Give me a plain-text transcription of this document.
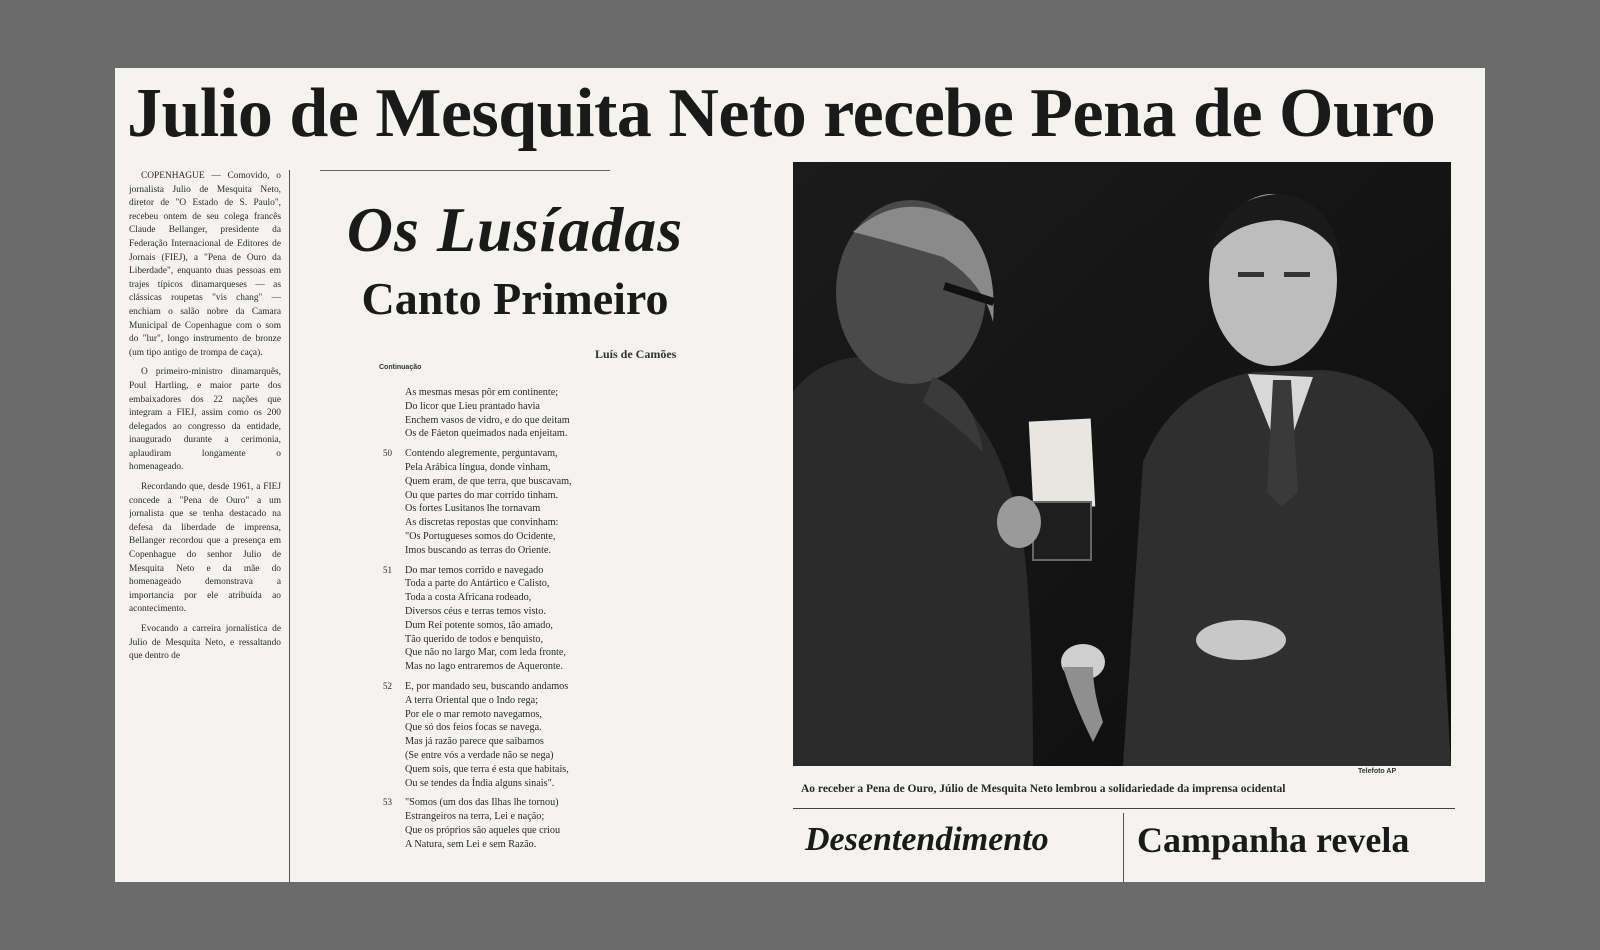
Julio de Mesquita Neto recebe Pena de Ouro

COPENHAGUE — Comovido, o jornalista Julio de Mesquita Neto, diretor de "O Estado de S. Paulo", recebeu ontem de seu colega francês Claude Bellanger, presidente da Federação Internacional de Editores de Jornais (FIEJ), a "Pena de Ouro da Liberdade", enquanto duas pessoas em trajes típicos dinamarqueses — as clássicas roupetas "vis chang" — enchiam o salão nobre da Camara Municipal de Copenhague com o som do "lur", longo instrumento de bronze (um tipo antigo de trompa de caça).

O primeiro-ministro dinamarquês, Poul Hartling, e maior parte dos embaixadores dos 22 nações que integram a FIEJ, assim como os 200 delegados ao congresso da entidade, inaugurado durante a cerimonia, aplaudiram longamente o homenageado.

Recordando que, desde 1961, a FIEJ concede a "Pena de Ouro" a um jornalista que se tenha destacado na defesa da liberdade de imprensa, Bellanger recordou que a presença em Copenhague do senhor Julio de Mesquita Neto e da mãe do homenageado demonstrava a importancia por ele atribuída ao acontecimento.

Evocando a carreira jornalística de Julio de Mesquita Neto, e ressaltando que dentro de

Os Lusíadas
Canto Primeiro
Luís de Camões
Continuação
As mesmas mesas pôr em continente;
Do licor que Lieu prantado havia
Enchem vasos de vidro, e do que deitam
Os de Fáeton queimados nada enjeitam.
50 Contendo alegremente, perguntavam,
Pela Arábica língua, donde vinham,
Quem eram, de que terra, que buscavam,
Ou que partes do mar corrido tinham.
Os fortes Lusitanos lhe tornavam
As discretas repostas que convinham:
"Os Portugueses somos do Ocidente,
Imos buscando as terras do Oriente.
51 Do mar temos corrido e navegado
Toda a parte do Antártico e Calisto,
Toda a costa Africana rodeado,
Diversos céus e terras temos visto.
Dum Rei potente somos, tão amado,
Tão querido de todos e benquisto,
Que não no largo Mar, com leda fronte,
Mas no lago entraremos de Aqueronte.
52 E, por mandado seu, buscando andamos
A terra Oriental que o Indo rega;
Por ele o mar remoto navegamos,
Que só dos feios focas se navega.
Mas já razão parece que saibamos
(Se entre vós a verdade não se nega)
Quem sois, que terra é esta que habitais,
Ou se tendes da Índia alguns sinais".
53 "Somos (um dos das Ilhas lhe tornou)
Estrangeiros na terra, Lei e nação;
Que os próprios são aqueles que criou
A Natura, sem Lei e sem Razão.
Telefoto AP
Ao receber a Pena de Ouro, Júlio de Mesquita Neto lembrou a solidariedade da imprensa ocidental
Desentendimento Campanha revela
